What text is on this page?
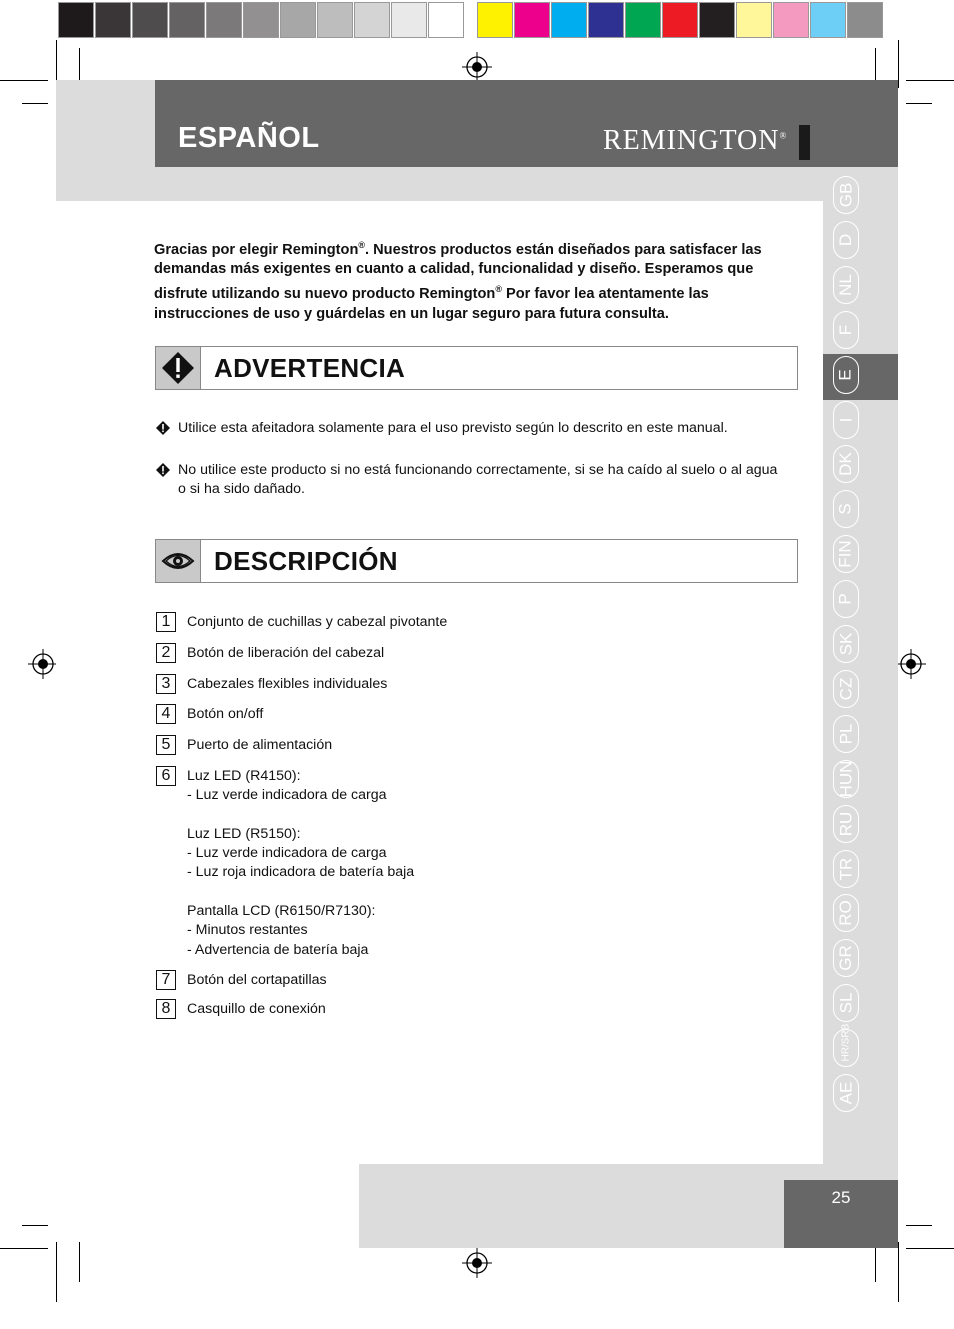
ESPAÑOL	REMINGTON®
GB
D
NL
F
E
I
DK
S
FIN
P
SK
CZ
PL
HUN
RU
TR
RO
GR
SL
HR/SRB
AE
Gracias por elegir Remington®. Nuestros productos están diseñados para satisfacer las demandas más exigentes en cuanto a calidad, funcionalidad y diseño. Esperamos que disfrute utilizando su nuevo producto Remington® Por favor lea atentamente las instrucciones de uso y guárdelas en un lugar seguro para futura consulta.
ADVERTENCIA
Utilice esta afeitadora solamente para el uso previsto según lo descrito en este manual.
No utilice este producto si no está funcionando correctamente, si se ha caído al suelo o al agua o si ha sido dañado.
DESCRIPCIÓN
1	Conjunto de cuchillas y cabezal pivotante
2	Botón de liberación del cabezal
3	Cabezales flexibles individuales
4	Botón on/off
5	Puerto de alimentación
6	Luz LED (R4150):
- Luz verde indicadora de carga

Luz LED (R5150):
- Luz verde indicadora de carga
- Luz roja indicadora de batería baja

Pantalla LCD (R6150/R7130):
- Minutos restantes
- Advertencia de batería baja
7	Botón del cortapatillas
8	Casquillo de conexión
25
